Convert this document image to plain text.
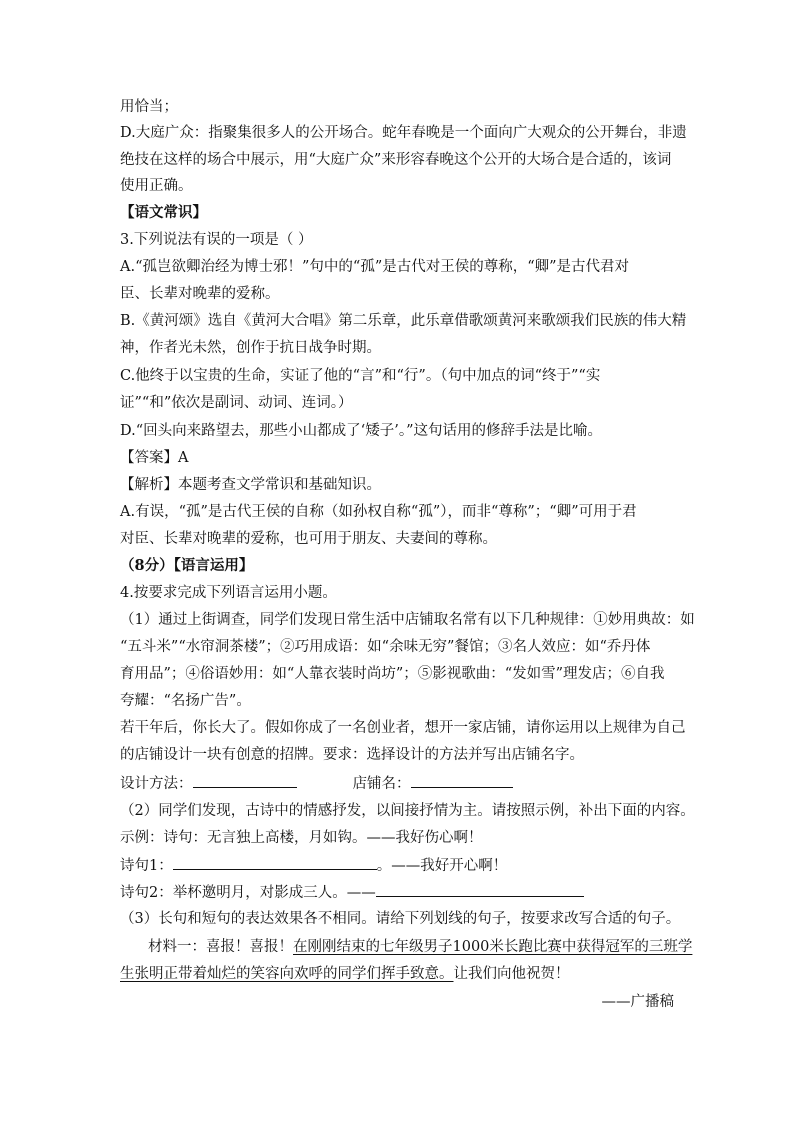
用恰当；
D.大庭广众：指聚集很多人的公开场合。蛇年春晚是一个面向广大观众的公开舞台，非遗
绝技在这样的场合中展示，用“大庭广众”来形容春晚这个公开的大场合是合适的，该词
使用正确。
【语文常识】
3.下列说法有误的一项是（ ）
A.“孤岂欲卿治经为博士邪！”句中的“孤”是古代对王侯的尊称，“卿”是古代君对
臣、长辈对晚辈的爱称。
B.《黄河颂》选自《黄河大合唱》第二乐章，此乐章借歌颂黄河来歌颂我们民族的伟大精
神，作者光未然，创作于抗日战争时期。
C.他终于以宝贵的生命，实证了他的“言”和“行”。（句中加点的词“终于”“实
证”“和”依次是副词、动词、连词。）
D.“回头向来路望去，那些小山都成了‘矮子’。”这句话用的修辞手法是比喻。
【答案】A
【解析】本题考查文学常识和基础知识。
A.有误，“孤”是古代王侯的自称（如孙权自称“孤”），而非“尊称”；“卿”可用于君
对臣、长辈对晚辈的爱称，也可用于朋友、夫妻间的尊称。
（8分）【语言运用】
4.按要求完成下列语言运用小题。
（1）通过上街调查，同学们发现日常生活中店铺取名常有以下几种规律：①妙用典故：如
“五斗米”“水帘洞茶楼”；②巧用成语：如“余味无穷”餐馆；③名人效应：如“乔丹体
育用品”；④俗语妙用：如“人靠衣装时尚坊”；⑤影视歌曲：“发如雪”理发店；⑥自我
夸耀：“名扬广告”。
若干年后，你长大了。假如你成了一名创业者，想开一家店铺，请你运用以上规律为自己
的店铺设计一块有创意的招牌。要求：选择设计的方法并写出店铺名字。
设计方法：	店铺名：
（2）同学们发现，古诗中的情感抒发，以间接抒情为主。请按照示例，补出下面的内容。
示例：诗句：无言独上高楼，月如钩。——我好伤心啊！
诗句1：	。——我好开心啊！
诗句2：举杯邀明月，对影成三人。——
（3）长句和短句的表达效果各不相同。请给下列划线的句子，按要求改写合适的句子。
材料一：喜报！喜报！在刚刚结束的七年级男子1000米长跑比赛中获得冠军的三班学
生张明正带着灿烂的笑容向欢呼的同学们挥手致意。让我们向他祝贺！
——广播稿
